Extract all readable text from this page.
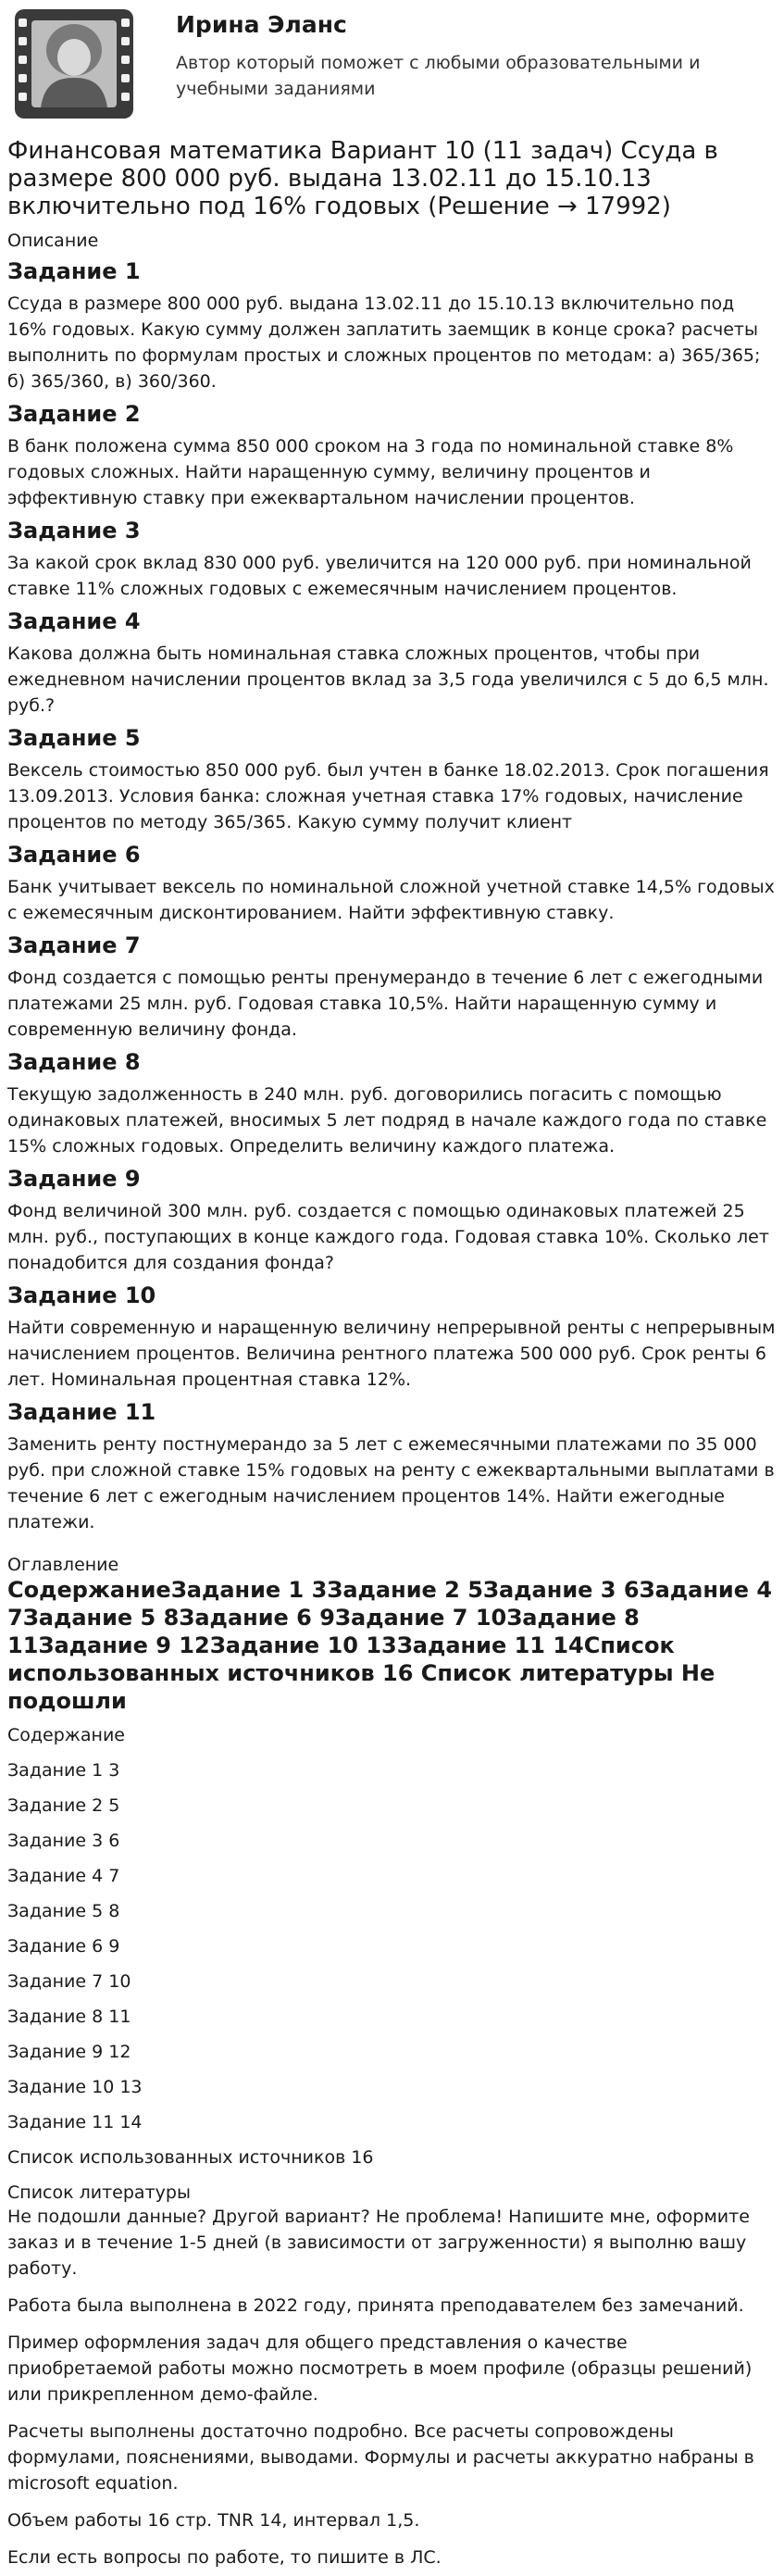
Ирина Эланс
Автор который поможет с любыми образовательными и учебными заданиями
Финансовая математика Вариант 10 (11 задач) Ссуда в размере 800 000 руб. выдана 13.02.11 до 15.10.13 включительно под 16% годовых (Решение → 17992)
Описание
Задание 1

Ссуда в размере 800 000 руб. выдана 13.02.11 до 15.10.13 включительно под 16% годовых. Какую сумму должен заплатить заемщик в конце срока? расчеты выполнить по формулам простых и сложных процентов по методам: а) 365/365; б) 365/360, в) 360/360.

Задание 2

В банк положена сумма 850 000 сроком на 3 года по номинальной ставке 8% годовых сложных. Найти наращенную сумму, величину процентов и эффективную ставку при ежеквартальном начислении процентов.

Задание 3

За какой срок вклад 830 000 руб. увеличится на 120 000 руб. при номинальной ставке 11% сложных годовых с ежемесячным начислением процентов.

Задание 4

Какова должна быть номинальная ставка сложных процентов, чтобы при ежедневном начислении процентов вклад за 3,5 года увеличился с 5 до 6,5 млн. руб.?

Задание 5

Вексель стоимостью 850 000 руб. был учтен в банке 18.02.2013. Срок погашения 13.09.2013. Условия банка: сложная учетная ставка 17% годовых, начисление процентов по методу 365/365. Какую сумму получит клиент

Задание 6

Банк учитывает вексель по номинальной сложной учетной ставке 14,5% годовых с ежемесячным дисконтированием. Найти эффективную ставку.

Задание 7

Фонд создается с помощью ренты пренумерандо в течение 6 лет с ежегодными платежами 25 млн. руб. Годовая ставка 10,5%. Найти наращенную сумму и современную величину фонда.

Задание 8

Текущую задолженность в 240 млн. руб. договорились погасить с помощью одинаковых платежей, вносимых 5 лет подряд в начале каждого года по ставке 15% сложных годовых. Определить величину каждого платежа.

Задание 9

Фонд величиной 300 млн. руб. создается с помощью одинаковых платежей 25 млн. руб., поступающих в конце каждого года. Годовая ставка 10%. Сколько лет понадобится для создания фонда?

Задание 10

Найти современную и наращенную величину непрерывной ренты с непрерывным начислением процентов. Величина рентного платежа 500 000 руб. Срок ренты 6 лет. Номинальная процентная ставка 12%.

Задание 11

Заменить ренту постнумерандо за 5 лет с ежемесячными платежами по 35 000 руб. при сложной ставке 15% годовых на ренту с ежеквартальными выплатами в течение 6 лет с ежегодным начислением процентов 14%. Найти ежегодные платежи.

Оглавление
СодержаниеЗадание 1 3Задание 2 5Задание 3 6Задание 4 7Задание 5 8Задание 6 9Задание 7 10Задание 8 11Задание 9 12Задание 10 13Задание 11 14Список использованных источников 16 Список литературы Не подошли
Содержание
Задание 1 3
Задание 2 5
Задание 3 6
Задание 4 7
Задание 5 8
Задание 6 9
Задание 7 10
Задание 8 11
Задание 9 12
Задание 10 13
Задание 11 14
Список использованных источников 16
Список литературы

Не подошли данные? Другой вариант? Не проблема! Напишите мне, оформите заказ и в течение 1-5 дней (в зависимости от загруженности) я выполню вашу работу.

Работа была выполнена в 2022 году, принята преподавателем без замечаний.

Пример оформления задач для общего представления о качестве приобретаемой работы можно посмотреть в моем профиле (образцы решений) или прикрепленном демо-файле.

Расчеты выполнены достаточно подробно. Все расчеты сопровождены формулами, пояснениями, выводами. Формулы и расчеты аккуратно набраны в microsoft equation.

Объем работы 16 стр. TNR 14, интервал 1,5.

Если есть вопросы по работе, то пишите в ЛС.
